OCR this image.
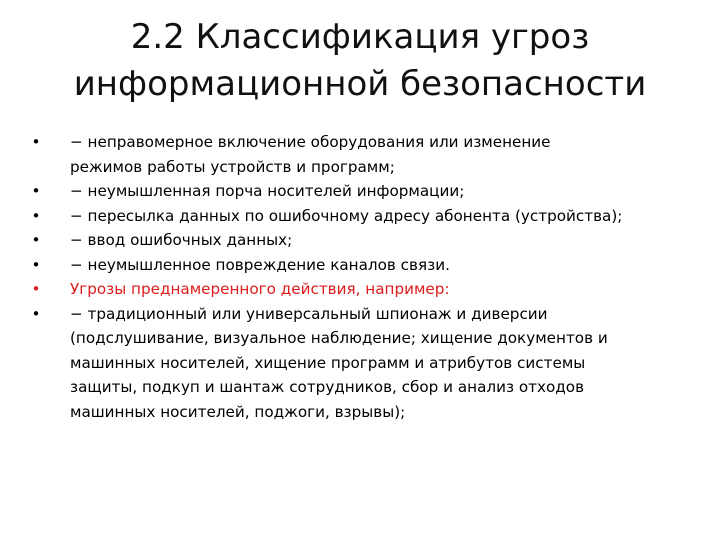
2.2 Классификация угроз
информационной безопасности
• − неправомерное включение оборудования или изменение
режимов работы устройств и программ;
• − неумышленная порча носителей информации;
• − пересылка данных по ошибочному адресу абонента (устройства);
• − ввод ошибочных данных;
• − неумышленное повреждение каналов связи.
• Угрозы преднамеренного действия, например:
• − традиционный или универсальный шпионаж и диверсии
(подслушивание, визуальное наблюдение; хищение документов и
машинных носителей, хищение программ и атрибутов системы
защиты, подкуп и шантаж сотрудников, сбор и анализ отходов
машинных носителей, поджоги, взрывы);
